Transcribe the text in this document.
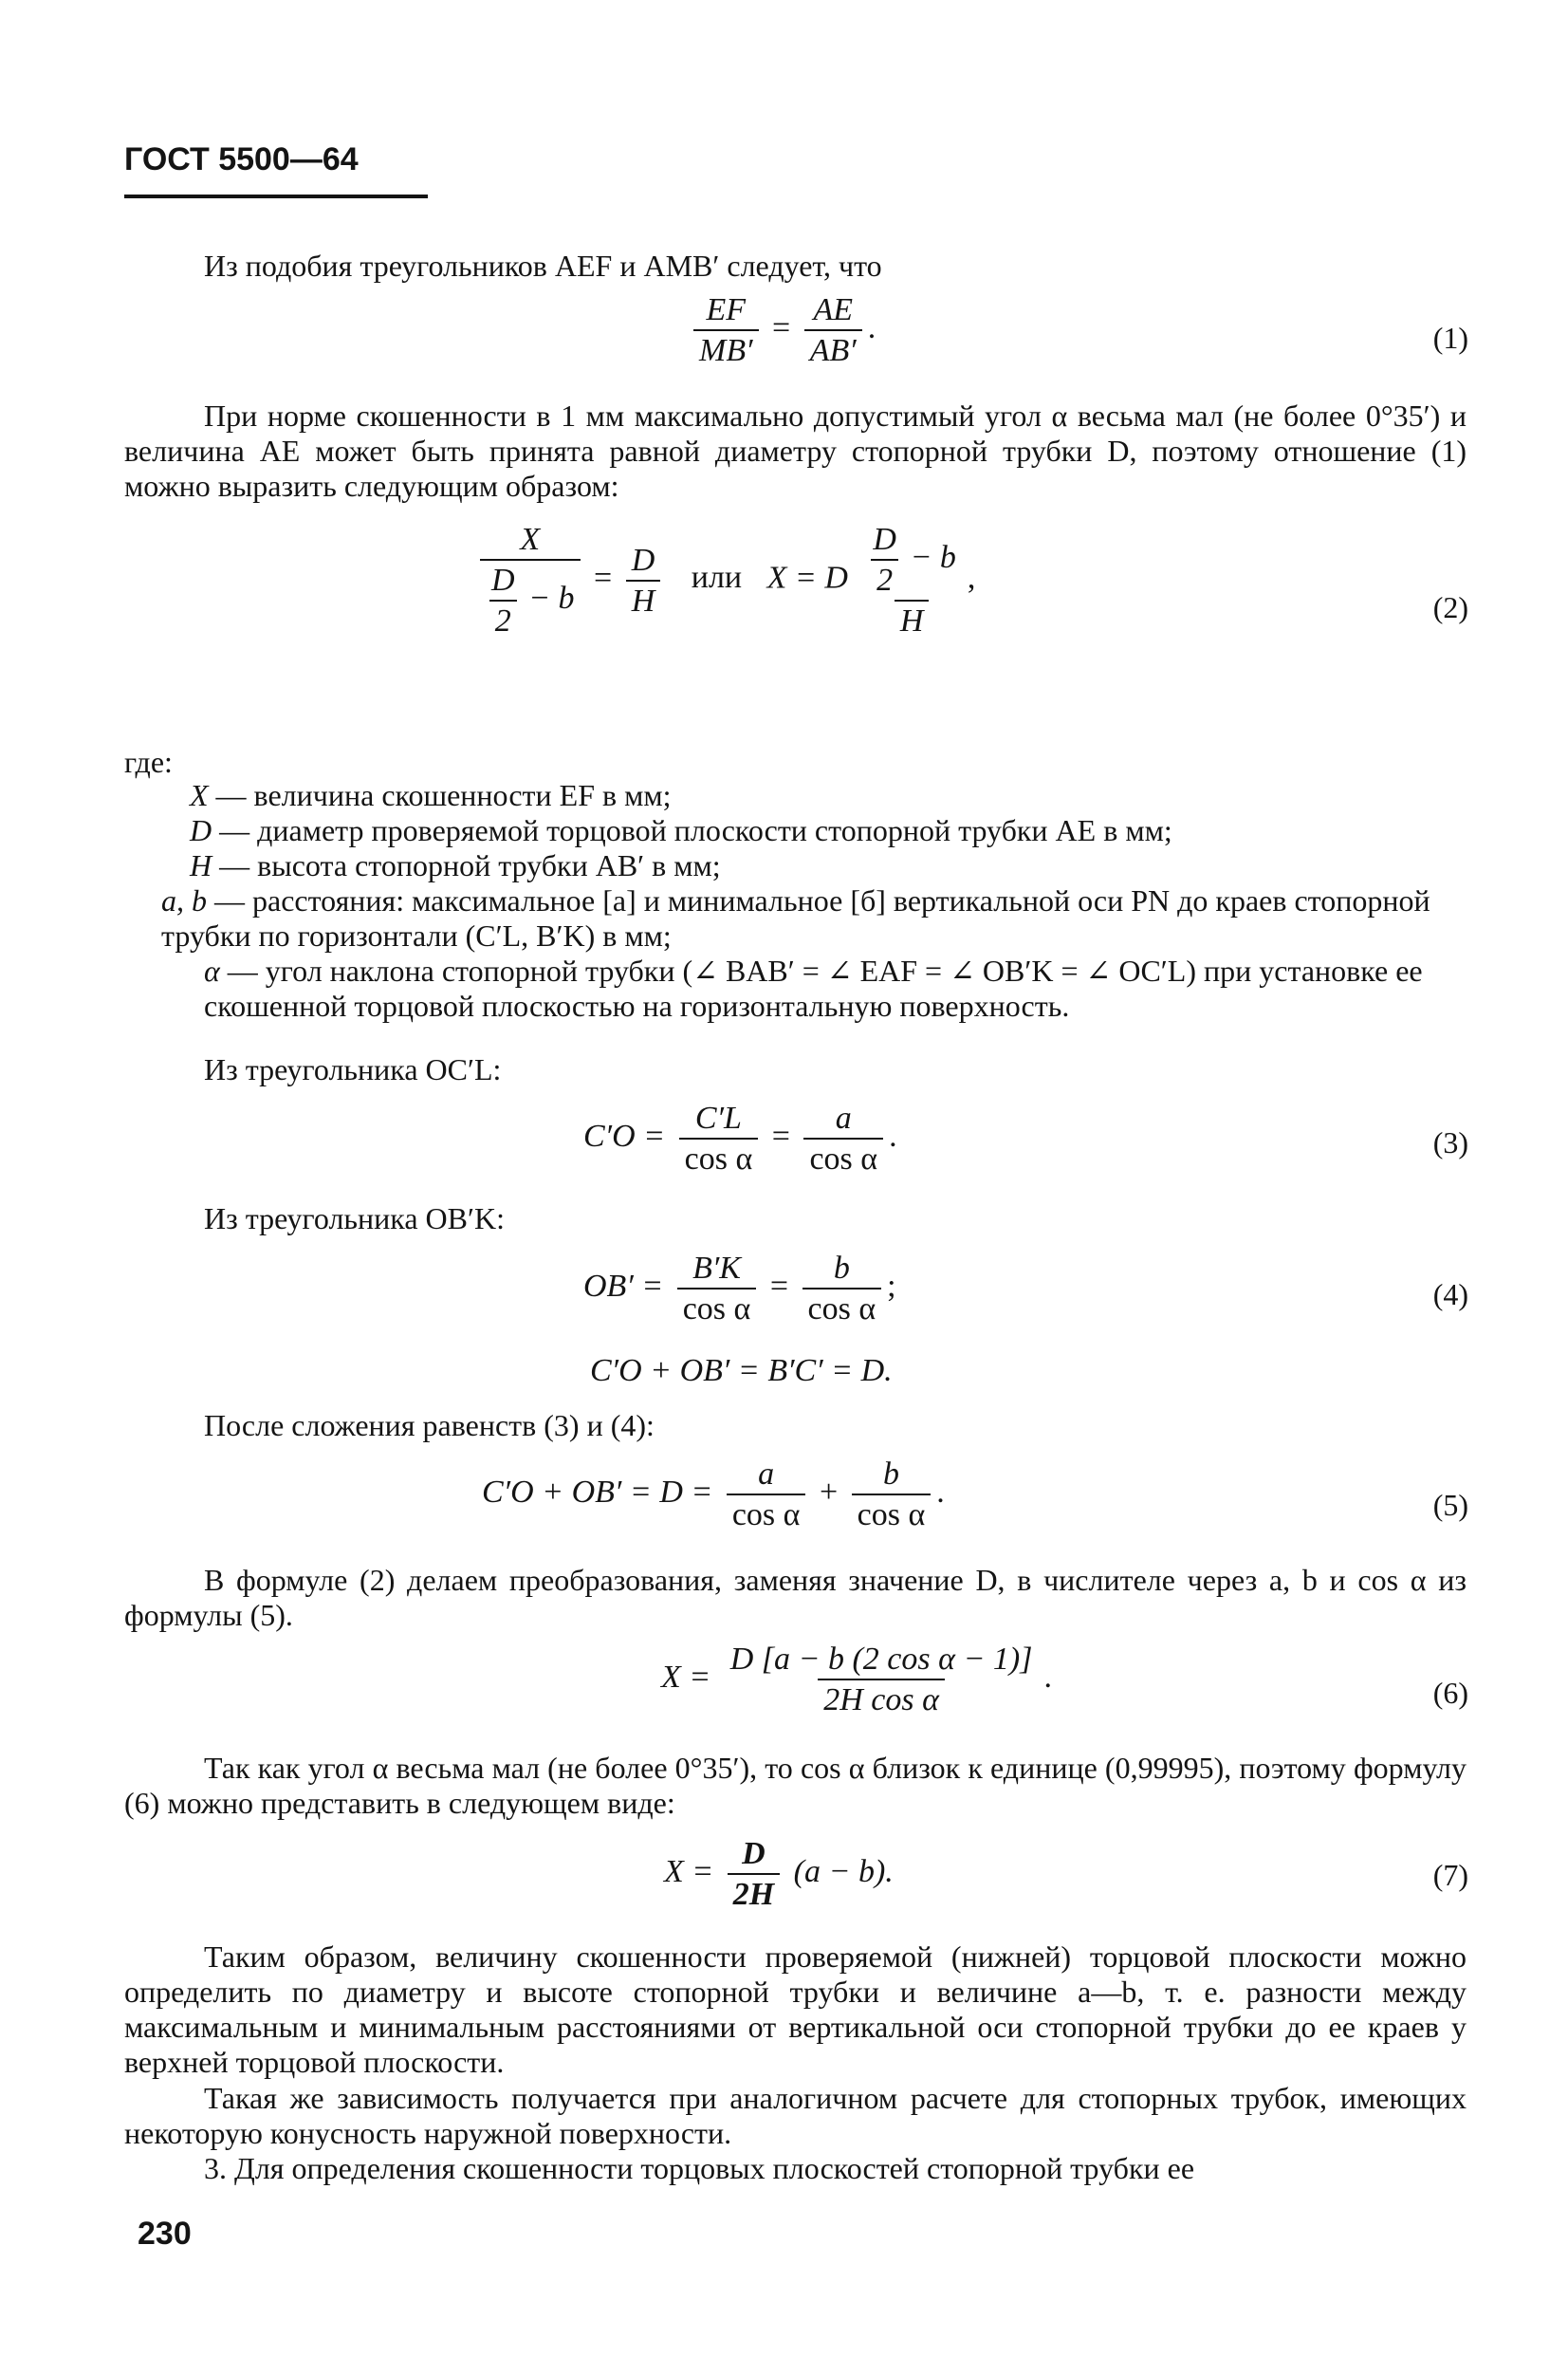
ГОСТ 5500—64
Из подобия треугольников AEF и AMB′ следует, что
$\frac{EF}{MB'} = \frac{AE}{AB'}$ .	(1)
При норме скошенности в 1 мм максимально допустимый угол α весьма мал (не более 0°35′) и величина AE может быть принята равной диаметру стопорной трубки D, поэтому отношение (1) можно выразить следующим образом:
$\frac{X}{\frac{D}{2} - b} = \frac{D}{H}$ или X = D $\frac{\frac{D}{2} - b}{H}$ ,
(2)
где:
X — величина скошенности EF в мм;
D — диаметр проверяемой торцовой плоскости стопорной трубки AE в мм;
H — высота стопорной трубки AB′ в мм;
a, b — расстояния: максимальное [a] и минимальное [б] вертикальной оси PN до краев стопорной трубки по горизонтали (C′L, B′K) в мм;
α — угол наклона стопорной трубки (∠ BAB′ = ∠ EAF = ∠ OB′K = ∠ OC′L) при установке ее скошенной торцовой плоскостью на горизонтальную поверхность.
Из треугольника OC′L:
$C'O = \frac{C'L}{\text{cos α}} = \frac{a}{\text{cos α}}$ .	(3)
Из треугольника OB′K:
$OB' = \frac{B'K}{\text{cos α}} = \frac{b}{\text{cos α}}$ ;	(4)
C′O + OB′ = B′C′ = D.
После сложения равенств (3) и (4):
$C'O + OB' = D = \frac{a}{\text{cos α}} + \frac{b}{\text{cos α}}$ .	(5)
В формуле (2) делаем преобразования, заменяя значение D, в числителе через a, b и cos α из формулы (5).
$X = \frac{\text{D [a − b (2 cos α − 1)]}}{\text{2H cos α}}$ .	(6)
Так как угол α весьма мал (не более 0°35′), то cos α близок к единице (0,99995), поэтому формулу (6) можно представить в следующем виде:
$X = \frac{D}{2H} (a - b)$.	(7)
Таким образом, величину скошенности проверяемой (нижней) торцовой плоскости можно определить по диаметру и высоте стопорной трубки и величине a—b, т. е. разности между максимальным и минимальным расстояниями от вертикальной оси стопорной трубки до ее краев у верхней торцовой плоскости.
Такая же зависимость получается при аналогичном расчете для стопорных трубок, имеющих некоторую конусность наружной поверхности.
3. Для определения скошенности торцовых плоскостей стопорной трубки ее
230
